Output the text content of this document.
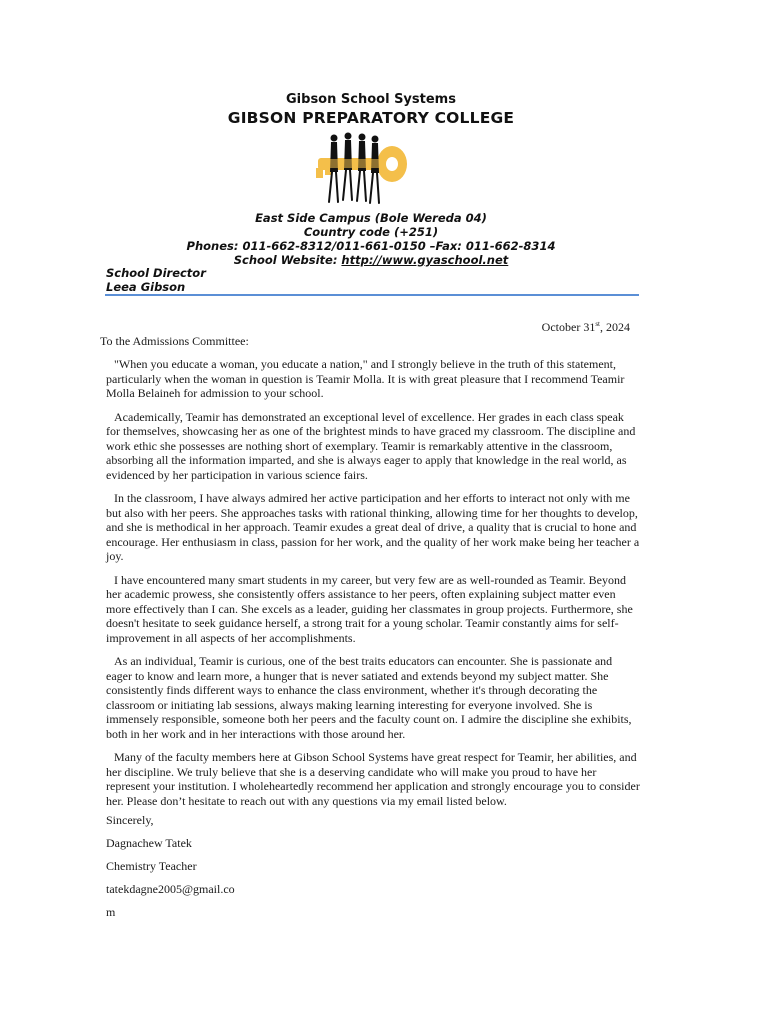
Gibson School Systems
GIBSON PREPARATORY COLLEGE
East Side Campus (Bole Wereda 04)
Country code (+251)
Phones: 011-662-8312/011-661-0150 –Fax: 011-662-8314
School Website: http://www.gyaschool.net
School Director
Leea Gibson
October 31st, 2024
To the Admissions Committee:

"When you educate a woman, you educate a nation," and I strongly believe in the truth of this statement, particularly when the woman in question is Teamir Molla. It is with great pleasure that I recommend Teamir Molla Belaineh for admission to your school.

Academically, Teamir has demonstrated an exceptional level of excellence. Her grades in each class speak for themselves, showcasing her as one of the brightest minds to have graced my classroom. The discipline and work ethic she possesses are nothing short of exemplary. Teamir is remarkably attentive in the classroom, absorbing all the information imparted, and she is always eager to apply that knowledge in the real world, as evidenced by her participation in various science fairs.

In the classroom, I have always admired her active participation and her efforts to interact not only with me but also with her peers. She approaches tasks with rational thinking, allowing time for her thoughts to develop, and she is methodical in her approach. Teamir exudes a great deal of drive, a quality that is crucial to hone and encourage. Her enthusiasm in class, passion for her work, and the quality of her work make being her teacher a joy.

I have encountered many smart students in my career, but very few are as well-rounded as Teamir. Beyond her academic prowess, she consistently offers assistance to her peers, often explaining subject matter even more effectively than I can. She excels as a leader, guiding her classmates in group projects. Furthermore, she doesn't hesitate to seek guidance herself, a strong trait for a young scholar. Teamir constantly aims for self-improvement in all aspects of her accomplishments.

As an individual, Teamir is curious, one of the best traits educators can encounter. She is passionate and eager to know and learn more, a hunger that is never satiated and extends beyond my subject matter. She consistently finds different ways to enhance the class environment, whether it's through decorating the classroom or initiating lab sessions, always making learning interesting for everyone involved. She is immensely responsible, someone both her peers and the faculty count on. I admire the discipline she exhibits, both in her work and in her interactions with those around her.

Many of the faculty members here at Gibson School Systems have great respect for Teamir, her abilities, and her discipline. We truly believe that she is a deserving candidate who will make you proud to have her represent your institution. I wholeheartedly recommend her application and strongly encourage you to consider her. Please don’t hesitate to reach out with any questions via my email listed below.

Sincerely,
Dagnachew Tatek
Chemistry Teacher
tatekdagne2005@gmail.co
m
